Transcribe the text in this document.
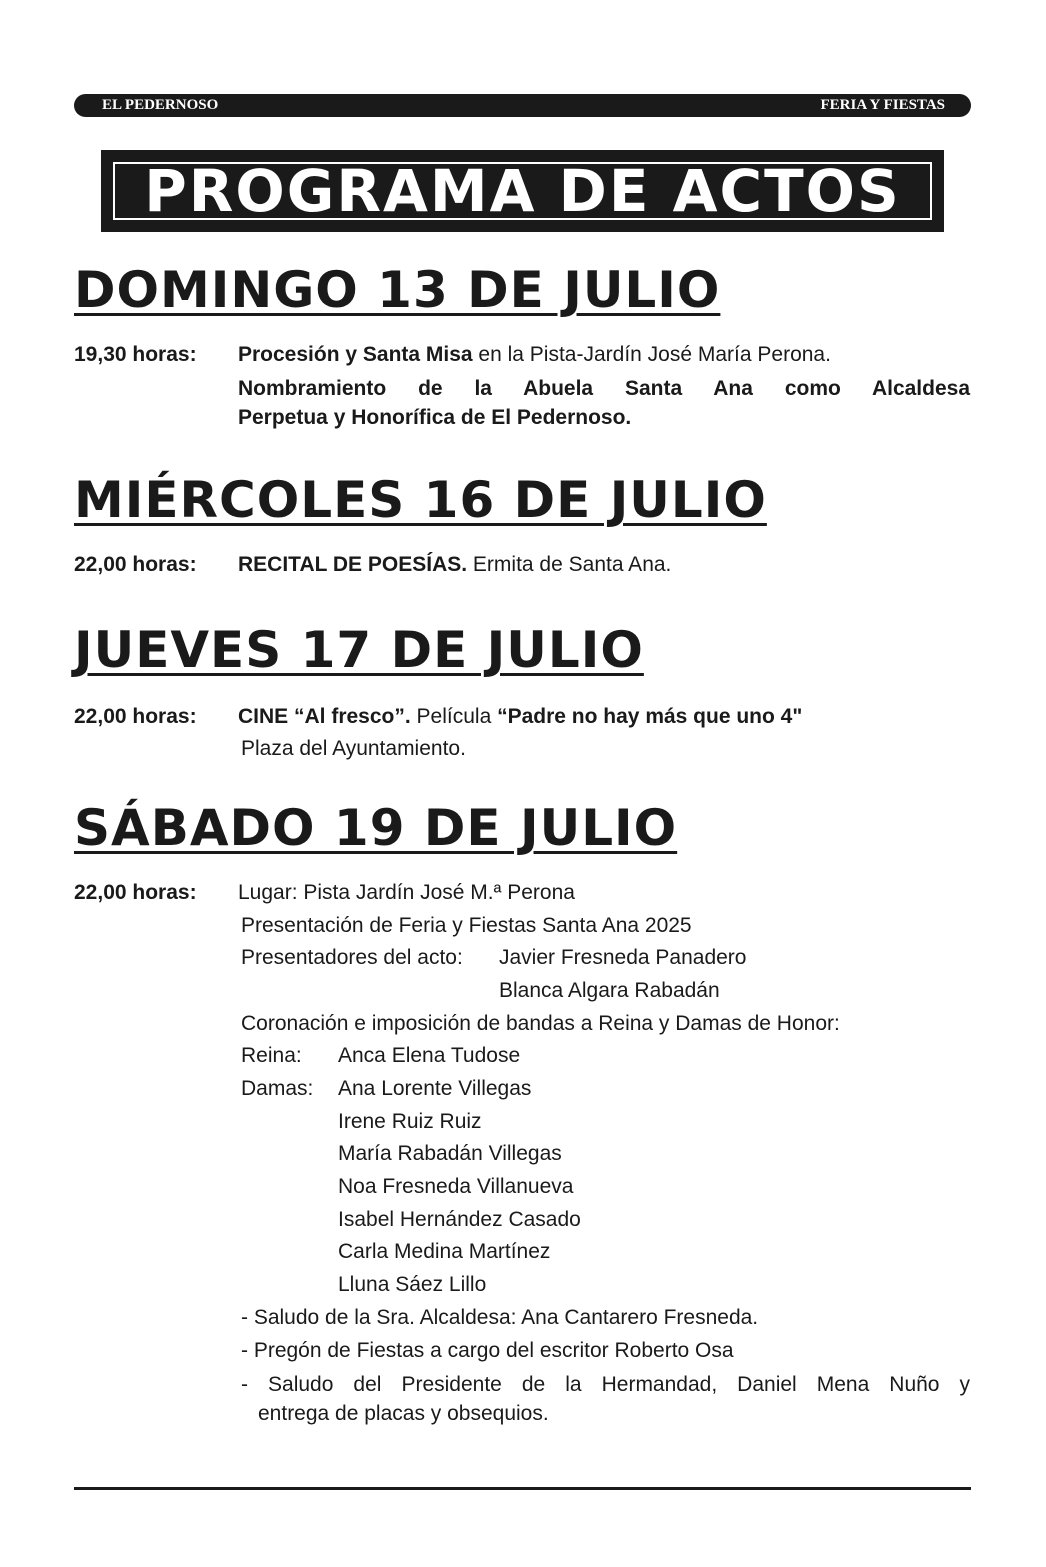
EL PEDERNOSO	FERIA Y FIESTAS
PROGRAMA DE ACTOS
DOMINGO 13 DE JULIO
19,30 horas: Procesión y Santa Misa en la Pista-Jardín José María Perona.
Nombramiento de la Abuela Santa Ana como Alcaldesa
Perpetua y Honorífica de El Pedernoso.
MIÉRCOLES 16 DE JULIO
22,00 horas: RECITAL DE POESÍAS. Ermita de Santa Ana.
JUEVES 17 DE JULIO
22,00 horas: CINE “Al fresco”. Película “Padre no hay más que uno 4"
Plaza del Ayuntamiento.
SÁBADO 19 DE JULIO
22,00 horas: Lugar: Pista Jardín José M.ª Perona
Presentación de Feria y Fiestas Santa Ana 2025
Presentadores del acto: Javier Fresneda Panadero
Blanca Algara Rabadán
Coronación e imposición de bandas a Reina y Damas de Honor:
Reina: Anca Elena Tudose
Damas: Ana Lorente Villegas
Irene Ruiz Ruiz
María Rabadán Villegas
Noa Fresneda Villanueva
Isabel Hernández Casado
Carla Medina Martínez
Lluna Sáez Lillo
- Saludo de la Sra. Alcaldesa: Ana Cantarero Fresneda.
- Pregón de Fiestas a cargo del escritor Roberto Osa
- Saludo del Presidente de la Hermandad, Daniel Mena Nuño y
entrega de placas y obsequios.
